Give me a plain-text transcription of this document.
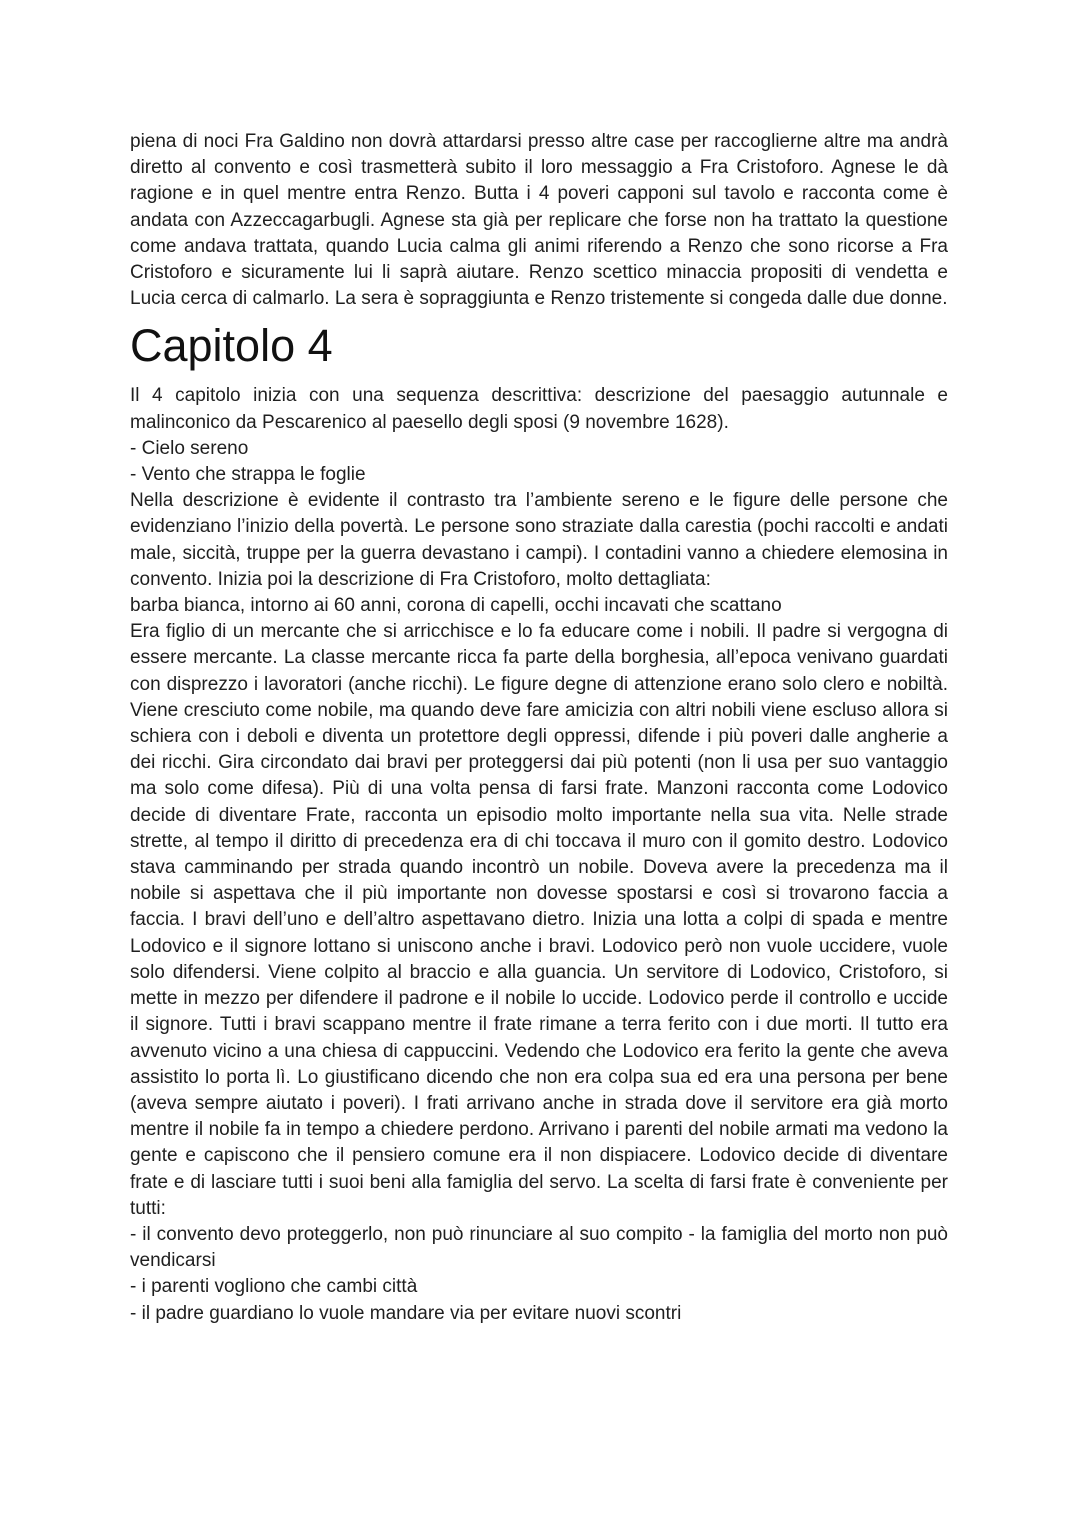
piena di noci Fra Galdino non dovrà attardarsi presso altre case per raccoglierne altre ma andrà diretto al convento e così trasmetterà subito il loro messaggio a Fra Cristoforo. Agnese le dà ragione e in quel mentre entra Renzo. Butta i 4 poveri capponi sul tavolo e racconta come è andata con Azzeccagarbugli. Agnese sta già per replicare che forse non ha trattato la questione come andava trattata, quando Lucia calma gli animi riferendo a Renzo che sono ricorse a Fra Cristoforo e sicuramente lui li saprà aiutare. Renzo scettico minaccia propositi di vendetta e Lucia cerca di calmarlo. La sera è sopraggiunta e Renzo tristemente si congeda dalle due donne.

Capitolo 4

Il 4 capitolo inizia con una sequenza descrittiva: descrizione del paesaggio autunnale e malinconico da Pescarenico al paesello degli sposi (9 novembre 1628).

- Cielo sereno

- Vento che strappa le foglie

Nella descrizione è evidente il contrasto tra l’ambiente sereno e le figure delle persone che evidenziano l’inizio della povertà. Le persone sono straziate dalla carestia (pochi raccolti e andati male, siccità, truppe per la guerra devastano i campi). I contadini vanno a chiedere elemosina in convento. Inizia poi la descrizione di Fra Cristoforo, molto dettagliata:

barba bianca, intorno ai 60 anni, corona di capelli, occhi incavati che scattano

Era figlio di un mercante che si arricchisce e lo fa educare come i nobili. Il padre si vergogna di essere mercante. La classe mercante ricca fa parte della borghesia, all’epoca venivano guardati con disprezzo i lavoratori (anche ricchi). Le figure degne di attenzione erano solo clero e nobiltà. Viene cresciuto come nobile, ma quando deve fare amicizia con altri nobili viene escluso allora si schiera con i deboli e diventa un protettore degli oppressi, difende i più poveri dalle angherie a dei ricchi. Gira circondato dai bravi per proteggersi dai più potenti (non li usa per suo vantaggio ma solo come difesa). Più di una volta pensa di farsi frate. Manzoni racconta come Lodovico decide di diventare Frate, racconta un episodio molto importante nella sua vita. Nelle strade strette, al tempo il diritto di precedenza era di chi toccava il muro con il gomito destro. Lodovico stava camminando per strada quando incontrò un nobile. Doveva avere la precedenza ma il nobile si aspettava che il più importante non dovesse spostarsi e così si trovarono faccia a faccia. I bravi dell’uno e dell’altro aspettavano dietro. Inizia una lotta a colpi di spada e mentre Lodovico e il signore lottano si uniscono anche i bravi. Lodovico però non vuole uccidere, vuole solo difendersi. Viene colpito al braccio e alla guancia. Un servitore di Lodovico, Cristoforo, si mette in mezzo per difendere il padrone e il nobile lo uccide. Lodovico perde il controllo e uccide il signore. Tutti i bravi scappano mentre il frate rimane a terra ferito con i due morti. Il tutto era avvenuto vicino a una chiesa di cappuccini. Vedendo che Lodovico era ferito la gente che aveva assistito lo porta lì. Lo giustificano dicendo che non era colpa sua ed era una persona per bene (aveva sempre aiutato i poveri). I frati arrivano anche in strada dove il servitore era già morto mentre il nobile fa in tempo a chiedere perdono. Arrivano i parenti del nobile armati ma vedono la gente e capiscono che il pensiero comune era il non dispiacere. Lodovico decide di diventare frate e di lasciare tutti i suoi beni alla famiglia del servo. La scelta di farsi frate è conveniente per tutti:

- il convento devo proteggerlo, non può rinunciare al suo compito - la famiglia del morto non può vendicarsi

- i parenti vogliono che cambi città

- il padre guardiano lo vuole mandare via per evitare nuovi scontri
